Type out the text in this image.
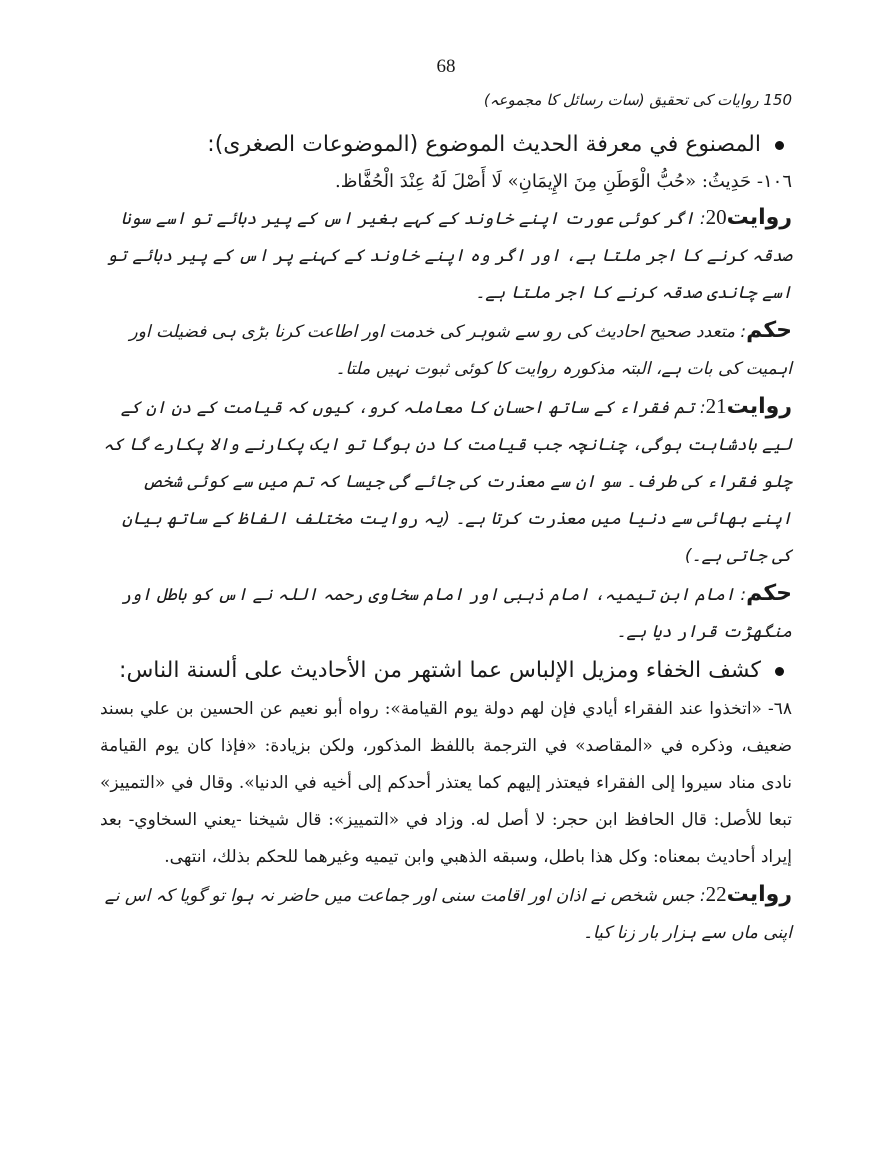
68
150 روایات کی تحقیق (سات رسائل کا مجموعہ)
المصنوع في معرفة الحديث الموضوع (الموضوعات الصغرى):
١٠٦- حَدِيثُ: «حُبُّ الْوَطَنِ مِنَ الإِيمَانِ» لَا أَصْلَ لَهُ عِنْدَ الْحُفَّاظ.

روایت20: اگر کوئی عورت اپنے خاوند کے کہے بغیر اس کے پیر دبائے تو اسے سونا صدقہ کرنے کا اجر ملتا ہے، اور اگر وہ اپنے خاوند کے کہنے پر اس کے پیر دبائے تو اسے چاندی صدقہ کرنے کا اجر ملتا ہے۔

حکم: متعدد صحیح احادیث کی رو سے شوہر کی خدمت اور اطاعت کرنا بڑی ہی فضیلت اور اہمیت کی بات ہے، البتہ مذکورہ روایت کا کوئی ثبوت نہیں ملتا۔

روایت21: تم فقراء کے ساتھ احسان کا معاملہ کرو، کیوں کہ قیامت کے دن ان کے لیے بادشاہت ہوگی، چنانچہ جب قیامت کا دن ہوگا تو ایک پکارنے والا پکارے گا کہ چلو فقراء کی طرف۔ سو ان سے معذرت کی جائے گی جیسا کہ تم میں سے کوئی شخص اپنے بھائی سے دنیا میں معذرت کرتا ہے۔ (یہ روایت مختلف الفاظ کے ساتھ بیان کی جاتی ہے۔)

حکم: امام ابن تیمیہ، امام ذہبی اور امام سخاوی رحمہ اللہ نے اس کو باطل اور منگھڑت قرار دیا ہے۔

كشف الخفاء ومزيل الإلباس عما اشتهر من الأحاديث على ألسنة الناس:

٦٨- «اتخذوا عند الفقراء أيادي فإن لهم دولة يوم القيامة»: رواه أبو نعيم عن الحسين بن علي بسند ضعيف، وذكره في «المقاصد» في الترجمة باللفظ المذكور، ولكن بزيادة: «فإذا كان يوم القيامة نادى مناد سيروا إلى الفقراء فيعتذر إليهم كما يعتذر أحدكم إلى أخيه في الدنيا». وقال في «التمييز» تبعا للأصل: قال الحافظ ابن حجر: لا أصل له. وزاد في «التمييز»: قال شيخنا -يعني السخاوي- بعد إيراد أحاديث بمعناه: وكل هذا باطل، وسبقه الذهبي وابن تيميه وغيرهما للحكم بذلك، انتهى.

روایت22: جس شخص نے اذان اور اقامت سنی اور جماعت میں حاضر نہ ہوا تو گویا کہ اس نے اپنی ماں سے ہزار بار زنا کیا۔
